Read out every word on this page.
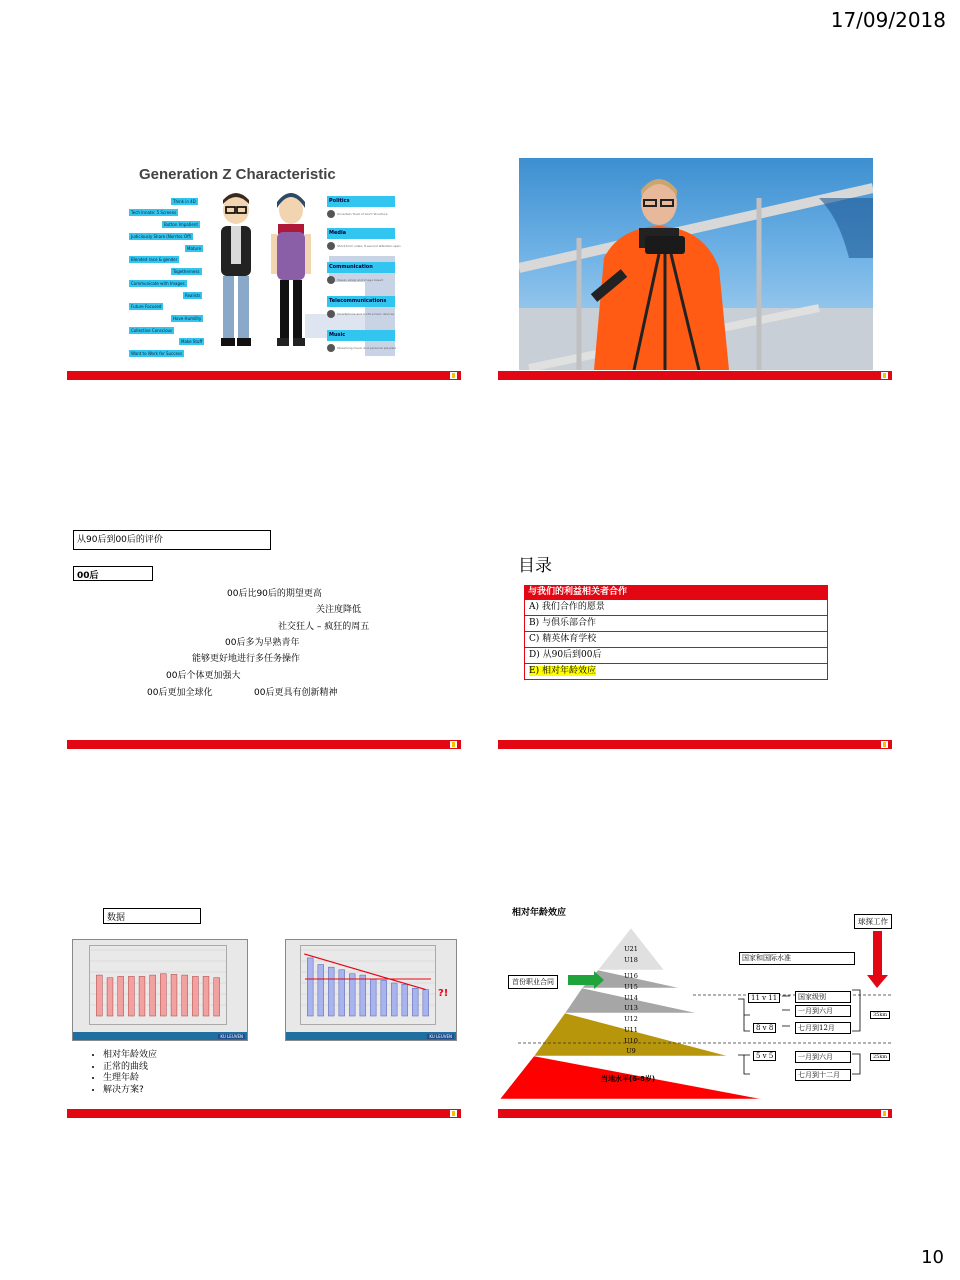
17/09/2018
Generation Z Characteristic
Think in 4D
Tech Innate: 5 Screens
Button Impatient
Judiciously Share (Norrtoc Off)
Mature
Blended race & gender
Togetherness
Communicate with Images
Realists
Future Focused
Have Humility
Collective Conscious
Make Stuff
Want to Work for Success
Politics
Uncertain Trust of Gov't Structure
Media
Short-form video, 8 second attention span
Communication
Visual, emoji and image based
Telecommunications
Smartphone and multi-screen devices
Music
Streaming music and personal playlists
从90后到00后的评价
00后
00后比90后的期望更高
关注度降低
社交狂人 – 疯狂的周五
00后多为早熟青年
能够更好地进行多任务操作
00后个体更加强大
00后更加全球化	00后更具有创新精神
目录
与我们的利益相关者合作
A) 我们合作的愿景
B) 与俱乐部合作
C) 精英体育学校
D) 从90后到00后
E) 相对年龄效应
数据
KU LEUVEN
?!
KU LEUVEN
• 相对年龄效应
• 正常的曲线
• 生理年龄
• 解决方案?
相对年龄效应
U21
U18
U16
U15
U14
U13
U12
U11
U10
U9
当地水平(6-8岁)
球探工作
国家和国际水准
首份职业合同
11 v 11
8 v 8
5 v 5
国家级别
一月到六月
七月到12月
一月到六月
七月到十二月
35km
25km
10
